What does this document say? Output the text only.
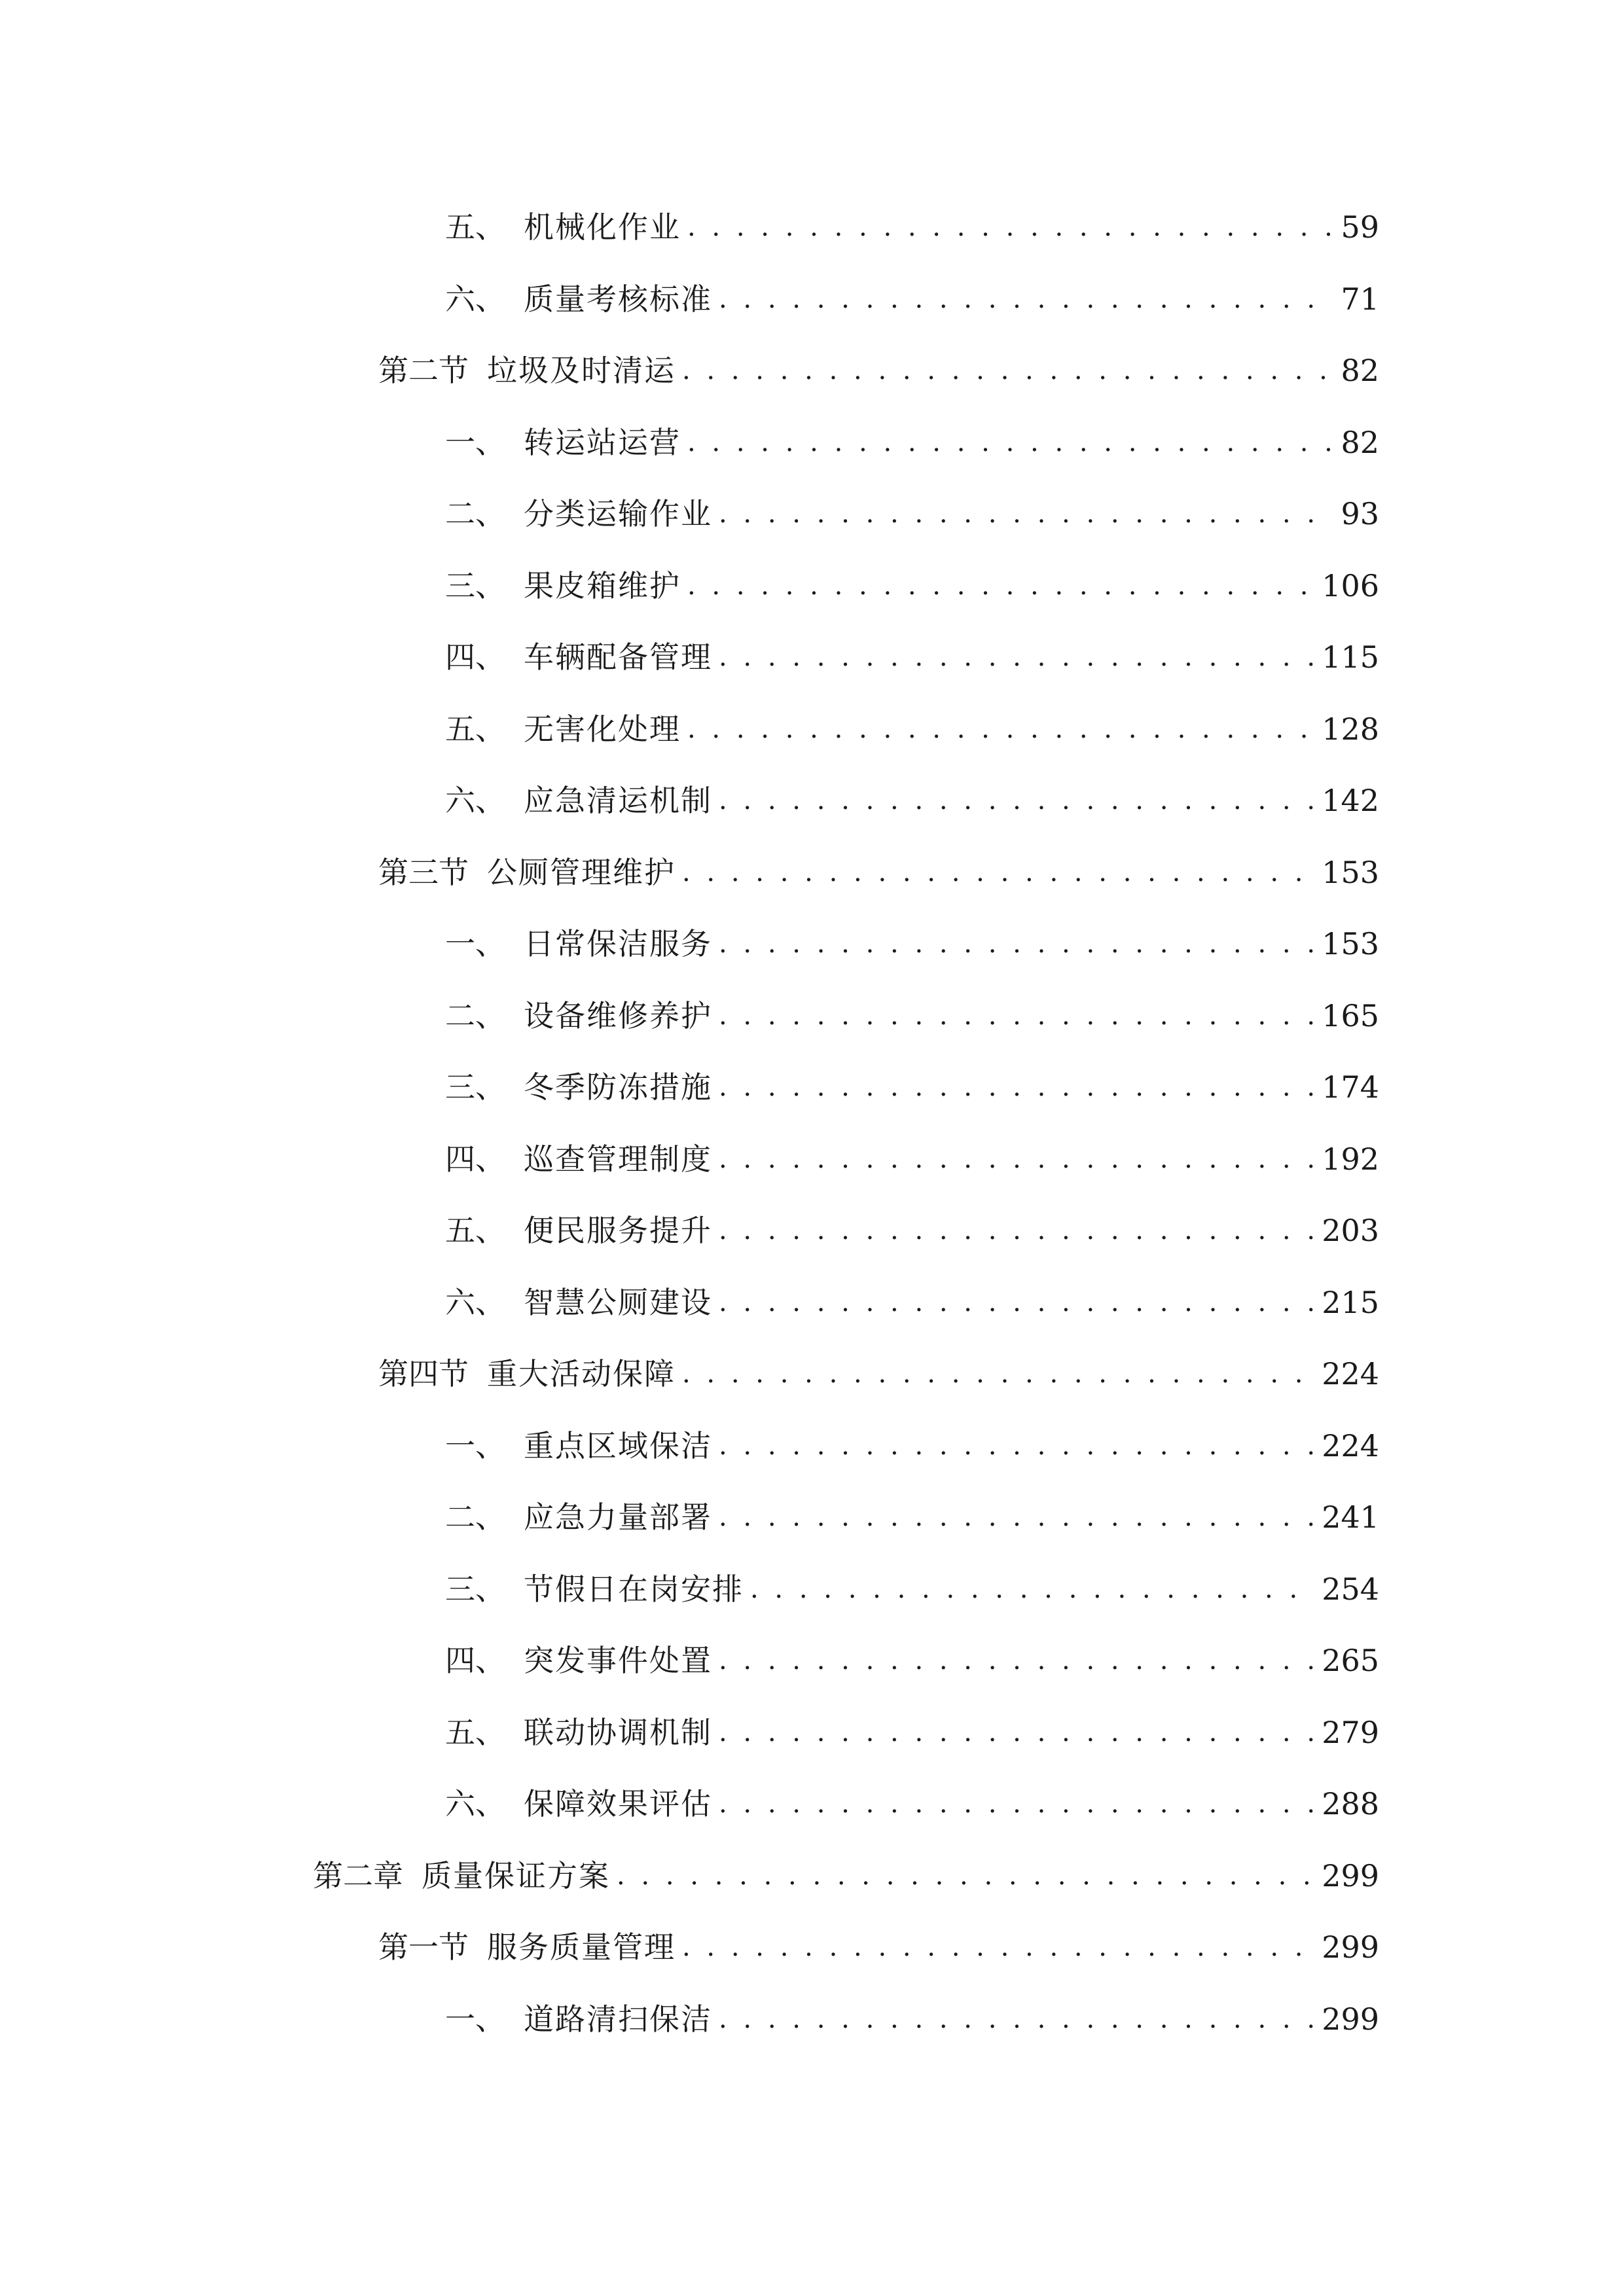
五、 机械化作业 . . .	59
六、 质量考核标准 . . .	71
第二节 垃圾及时清运 . . .	82
一、 转运站运营 . . .	82
二、 分类运输作业 . . .	93
三、 果皮箱维护 . . .	106
四、 车辆配备管理 . . .	115
五、 无害化处理 . . .	128
六、 应急清运机制 . . .	142
第三节 公厕管理维护 . . .	153
一、 日常保洁服务 . . .	153
二、 设备维修养护 . . .	165
三、 冬季防冻措施 . . .	174
四、 巡查管理制度 . . .	192
五、 便民服务提升 . . .	203
六、 智慧公厕建设 . . .	215
第四节 重大活动保障 . . .	224
一、 重点区域保洁 . . .	224
二、 应急力量部署 . . .	241
三、 节假日在岗安排 . . .	254
四、 突发事件处置 . . .	265
五、 联动协调机制 . . .	279
六、 保障效果评估 . . .	288
第二章 质量保证方案 . . .	299
第一节 服务质量管理 . . .	299
一、 道路清扫保洁 . . .	299
